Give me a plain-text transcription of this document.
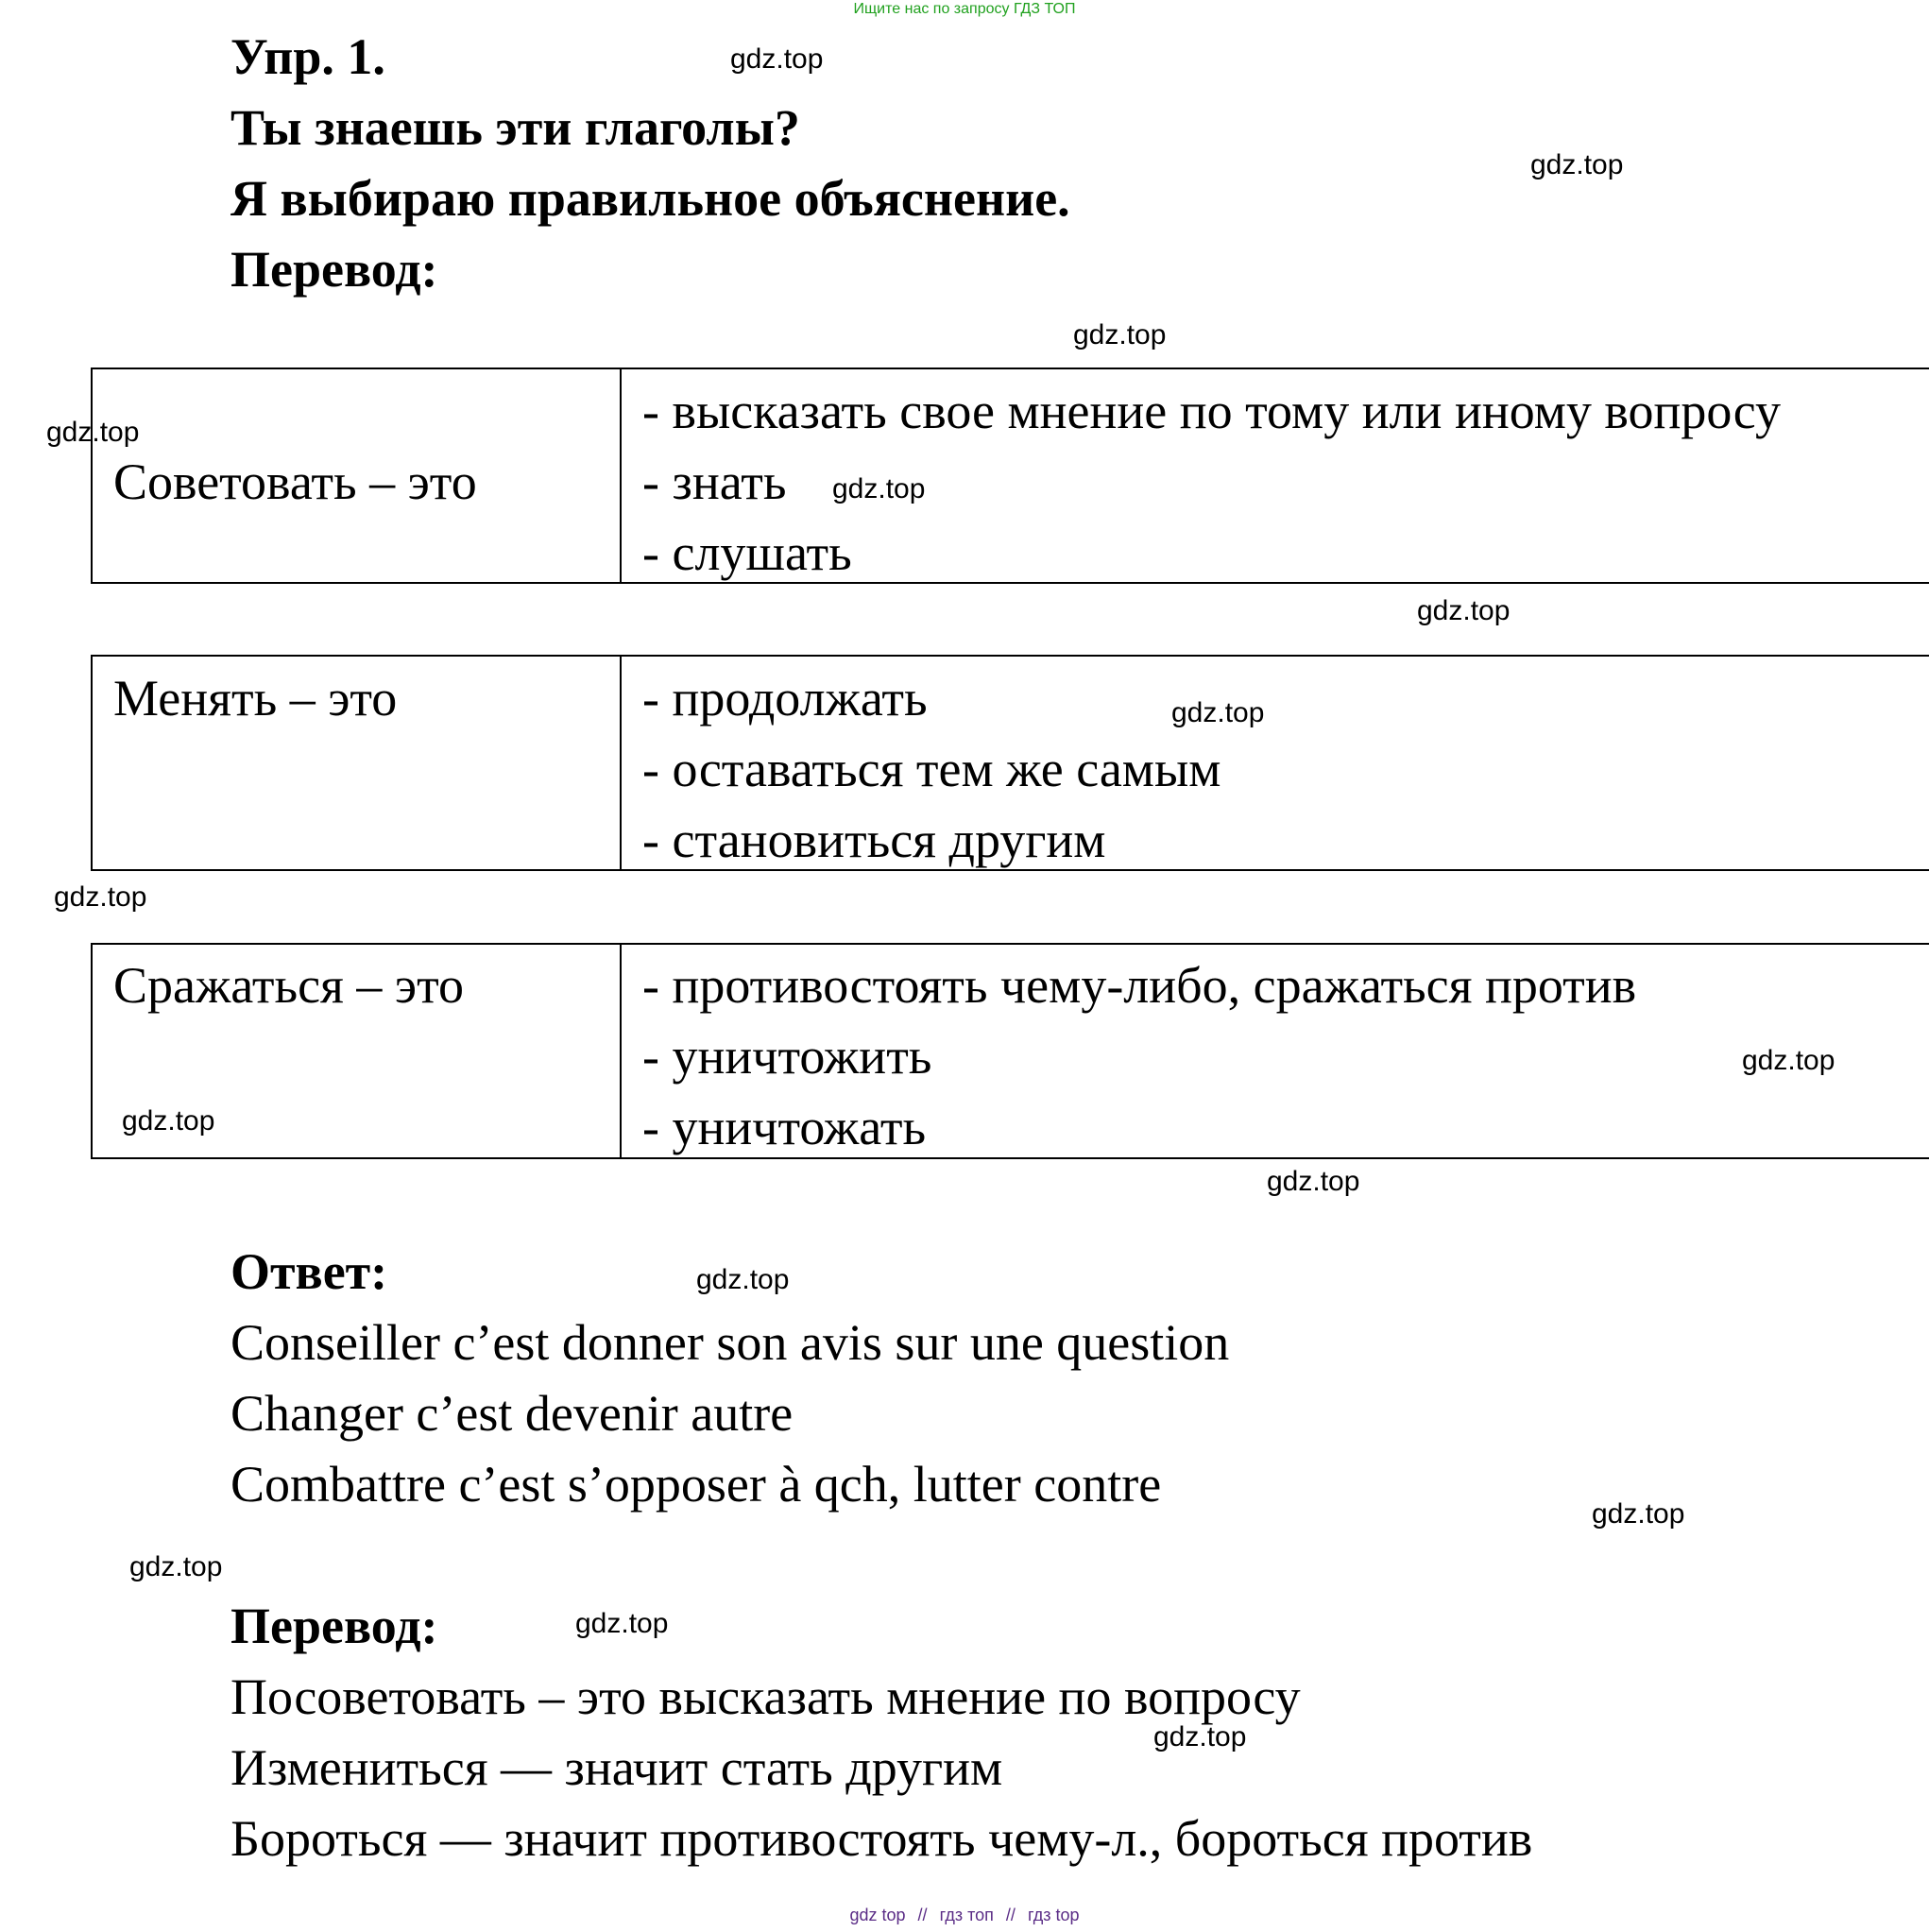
Ищите нас по запросу ГДЗ ТОП
Упр. 1.
Ты знаешь эти глаголы?
Я выбираю правильное объяснение.
Перевод:
Советовать – это
- высказать свое мнение по тому или иному вопросу
- знать
- слушать
Менять – это	- продолжать
- оставаться тем же самым
- становиться другим
Сражаться – это	- противостоять чему-либо, сражаться против
- уничтожить
- уничтожать
Ответ:
Conseiller c’est donner son avis sur une question
Changer c’est devenir autre
Combattre c’est s’opposer à qch, lutter contre
Перевод:
Посоветовать – это высказать мнение по вопросу
Измениться — значит стать другим
Бороться — значит противостоять чему-л., бороться против
gdz.top
gdz.top
gdz.top
gdz.top
gdz.top
gdz.top
gdz.top
gdz.top
gdz.top
gdz.top
gdz.top
gdz.top
gdz.top
gdz.top
gdz.top
gdz.top
gdz top // гдз топ // гдз top
